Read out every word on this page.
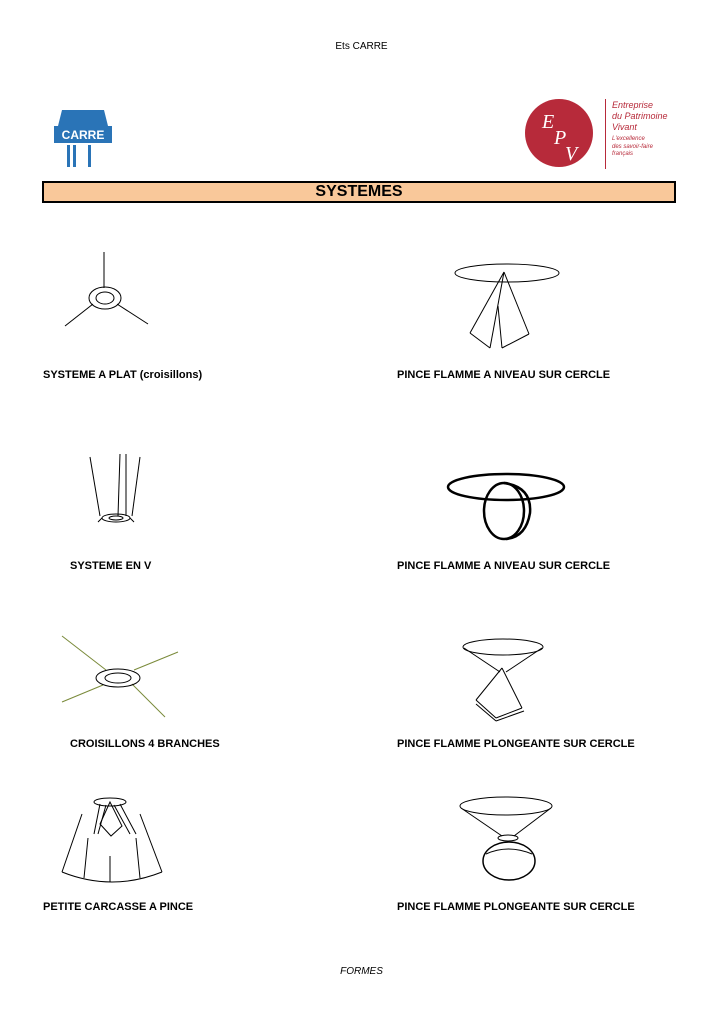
Ets CARRE
CARRE
E
P
V
Entreprise
du Patrimoine
Vivant
L'excellence
des savoir-faire
français
SYSTEMES
SYSTEME A PLAT (croisillons)	PINCE FLAMME A NIVEAU SUR CERCLE
SYSTEME EN V	PINCE FLAMME A NIVEAU SUR CERCLE
CROISILLONS 4 BRANCHES	PINCE FLAMME PLONGEANTE SUR CERCLE
PETITE CARCASSE A PINCE	PINCE FLAMME PLONGEANTE SUR CERCLE
FORMES
